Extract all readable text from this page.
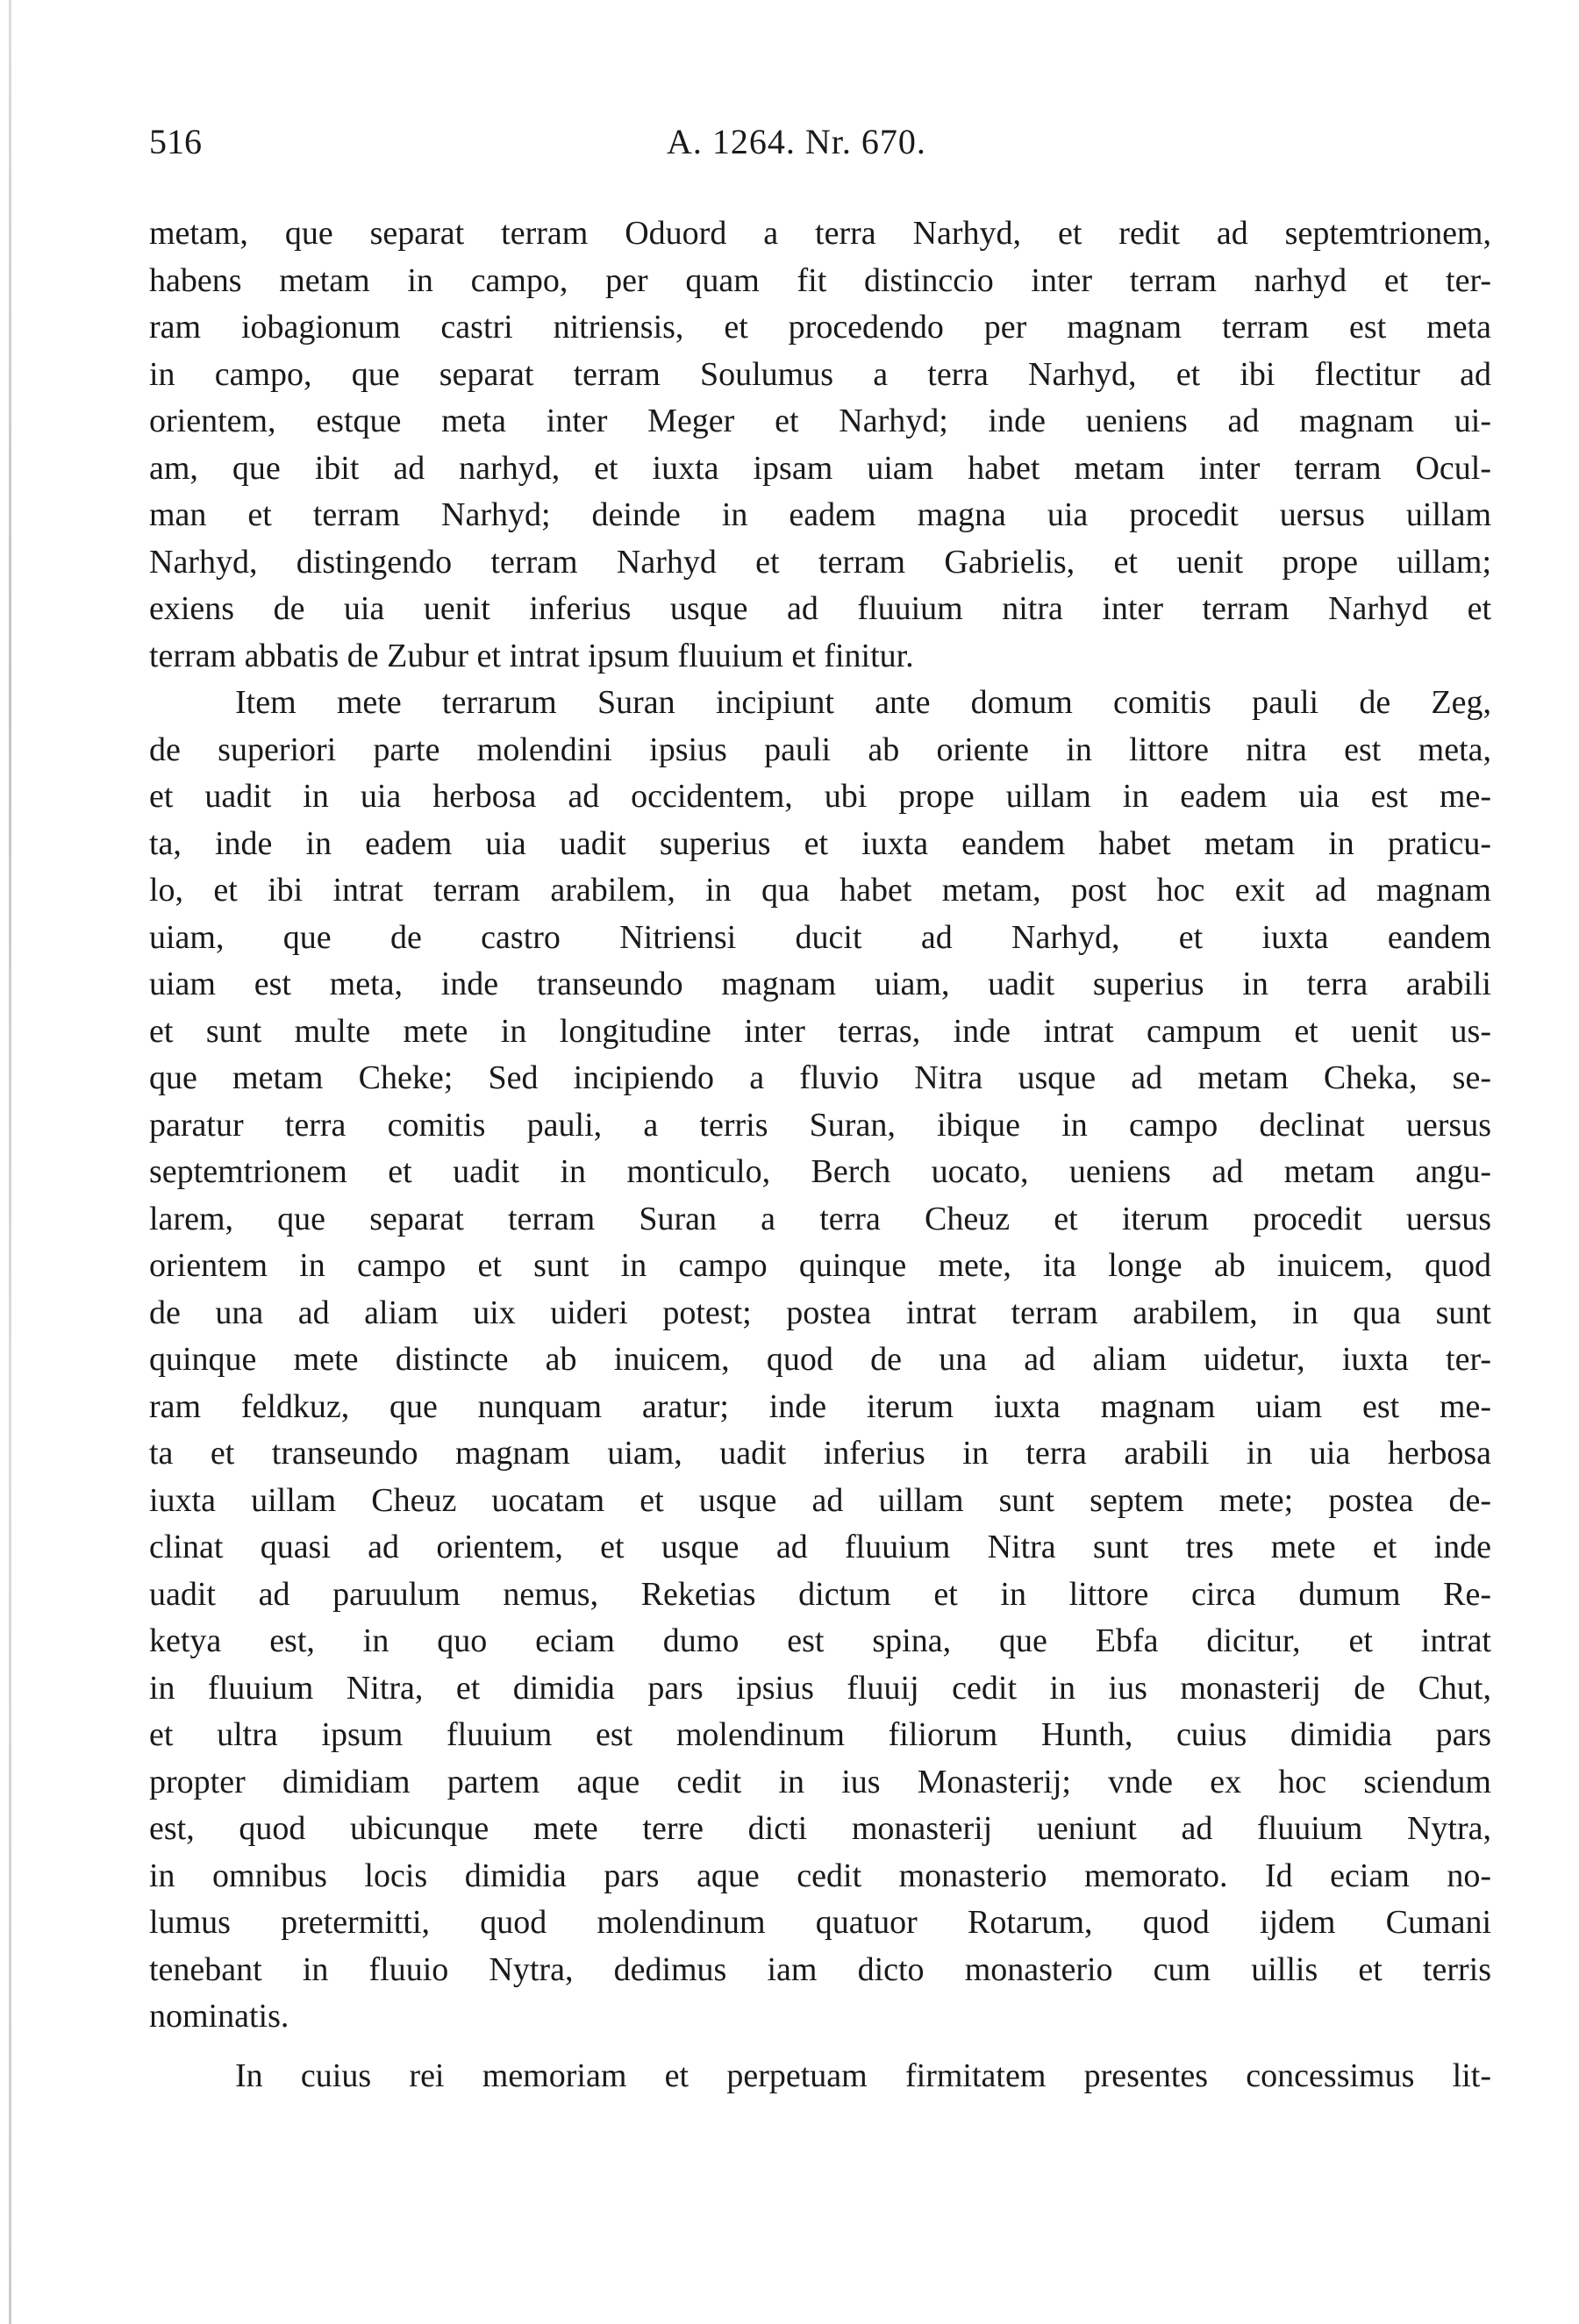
516	A. 1264. Nr. 670.
metam, que separat terram Oduord a terra Narhyd, et redit ad septemtrionem,
habens metam in campo, per quam fit distinccio inter terram narhyd et ter-
ram iobagionum castri nitriensis, et procedendo per magnam terram est meta
in campo, que separat terram Soulumus a terra Narhyd, et ibi flectitur ad
orientem, estque meta inter Meger et Narhyd; inde ueniens ad magnam ui-
am, que ibit ad narhyd, et iuxta ipsam uiam habet metam inter terram Ocul-
man et terram Narhyd; deinde in eadem magna uia procedit uersus uillam
Narhyd, distingendo terram Narhyd et terram Gabrielis, et uenit prope uillam;
exiens de uia uenit inferius usque ad fluuium nitra inter terram Narhyd et
terram abbatis de Zubur et intrat ipsum fluuium et finitur.
Item mete terrarum Suran incipiunt ante domum comitis pauli de Zeg,
de superiori parte molendini ipsius pauli ab oriente in littore nitra est meta,
et uadit in uia herbosa ad occidentem, ubi prope uillam in eadem uia est me-
ta, inde in eadem uia uadit superius et iuxta eandem habet metam in praticu-
lo, et ibi intrat terram arabilem, in qua habet metam, post hoc exit ad magnam
uiam, que de castro Nitriensi ducit ad Narhyd, et iuxta eandem
uiam est meta, inde transeundo magnam uiam, uadit superius in terra arabili
et sunt multe mete in longitudine inter terras, inde intrat campum et uenit us-
que metam Cheke; Sed incipiendo a fluvio Nitra usque ad metam Cheka, se-
paratur terra comitis pauli, a terris Suran, ibique in campo declinat uersus
septemtrionem et uadit in monticulo, Berch uocato, ueniens ad metam angu-
larem, que separat terram Suran a terra Cheuz et iterum procedit uersus
orientem in campo et sunt in campo quinque mete, ita longe ab inuicem, quod
de una ad aliam uix uideri potest; postea intrat terram arabilem, in qua sunt
quinque mete distincte ab inuicem, quod de una ad aliam uidetur, iuxta ter-
ram feldkuz, que nunquam aratur; inde iterum iuxta magnam uiam est me-
ta et transeundo magnam uiam, uadit inferius in terra arabili in uia herbosa
iuxta uillam Cheuz uocatam et usque ad uillam sunt septem mete; postea de-
clinat quasi ad orientem, et usque ad fluuium Nitra sunt tres mete et inde
uadit ad paruulum nemus, Reketias dictum et in littore circa dumum Re-
ketya est, in quo eciam dumo est spina, que Ebfa dicitur, et intrat
in fluuium Nitra, et dimidia pars ipsius fluuij cedit in ius monasterij de Chut,
et ultra ipsum fluuium est molendinum filiorum Hunth, cuius dimidia pars
propter dimidiam partem aque cedit in ius Monasterij; vnde ex hoc sciendum
est, quod ubicunque mete terre dicti monasterij ueniunt ad fluuium Nytra,
in omnibus locis dimidia pars aque cedit monasterio memorato. Id eciam no-
lumus pretermitti, quod molendinum quatuor Rotarum, quod ijdem Cumani
tenebant in fluuio Nytra, dedimus iam dicto monasterio cum uillis et terris
nominatis.
In cuius rei memoriam et perpetuam firmitatem presentes concessimus lit-
